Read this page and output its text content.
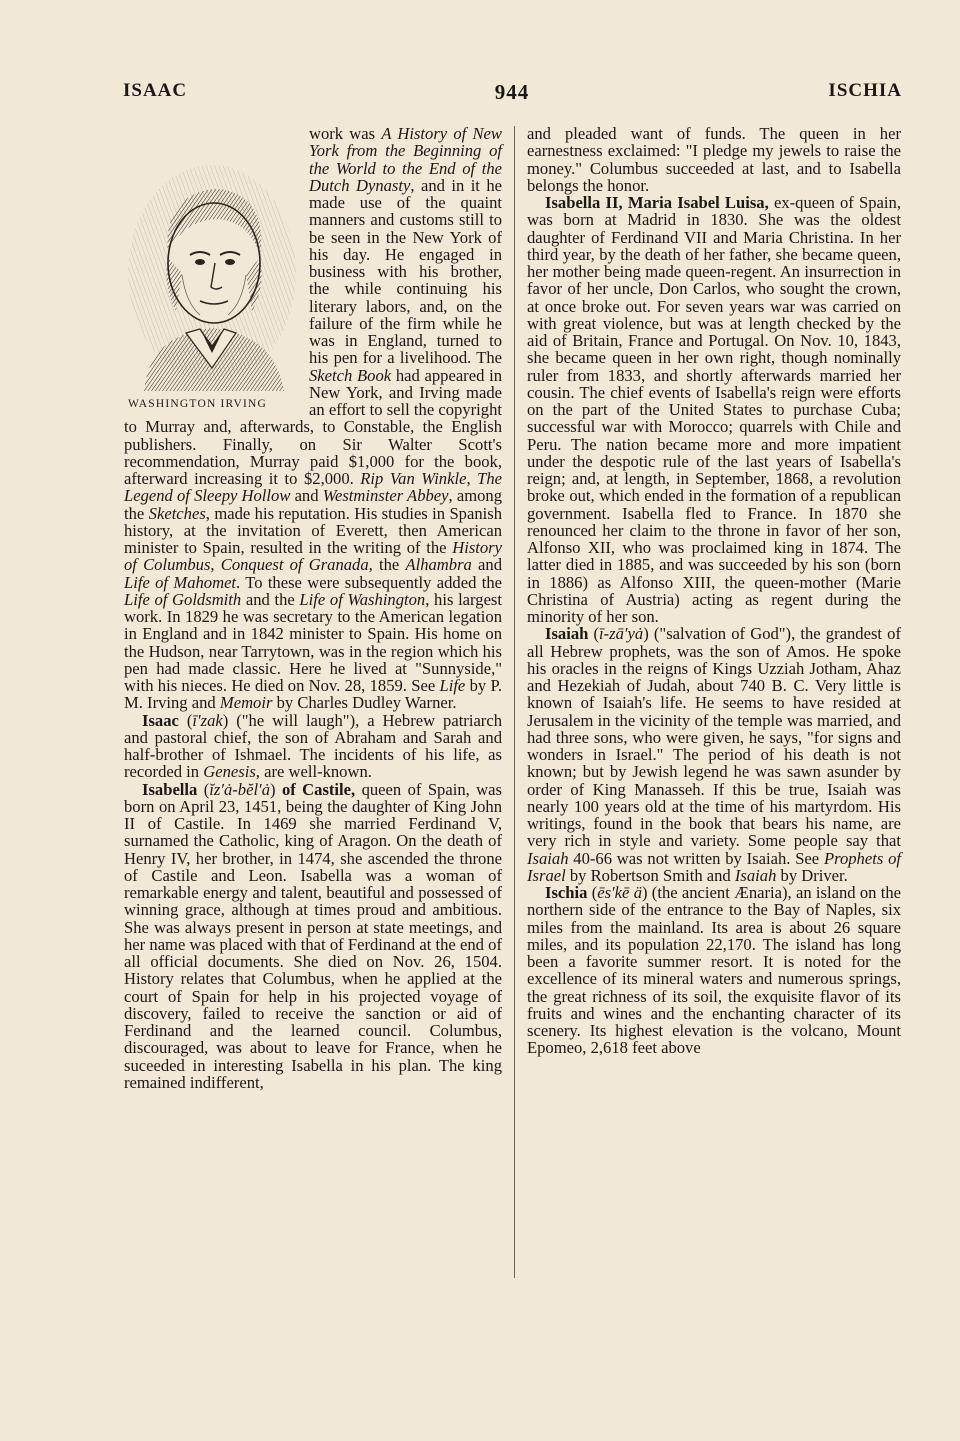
ISAAC	944	ISCHIA

WASHINGTON IRVING
work was A History of New York from the Beginning of the World to the End of the Dutch Dynasty, and in it he made use of the quaint manners and customs still to be seen in the New York of his day. He engaged in business with his brother, the while continuing his literary labors, and, on the failure of the firm while he was in England, turned to his pen for a livelihood. The Sketch Book had appeared in New York, and Irving made an effort to sell the copyright to Murray and, afterwards, to Constable, the English publishers. Finally, on Sir Walter Scott's recommendation, Murray paid $1,000 for the book, afterward increasing it to $2,000. Rip Van Winkle, The Legend of Sleepy Hollow and Westminster Abbey, among the Sketches, made his reputation. His studies in Spanish history, at the invitation of Everett, then American minister to Spain, resulted in the writing of the History of Columbus, Conquest of Granada, the Alhambra and Life of Mahomet. To these were subsequently added the Life of Goldsmith and the Life of Washington, his largest work. In 1829 he was secretary to the American legation in England and in 1842 minister to Spain. His home on the Hudson, near Tarrytown, was in the region which his pen had made classic. Here he lived at "Sunnyside," with his nieces. He died on Nov. 28, 1859. See Life by P. M. Irving and Memoir by Charles Dudley Warner.

Isaac (ī′zak) ("he will laugh"), a Hebrew patriarch and pastoral chief, the son of Abraham and Sarah and half-brother of Ishmael. The incidents of his life, as recorded in Genesis, are well-known.

Isabella (ĭz′ȧ-bĕl′ȧ) of Castile, queen of Spain, was born on April 23, 1451, being the daughter of King John II of Castile. In 1469 she married Ferdinand V, surnamed the Catholic, king of Aragon. On the death of Henry IV, her brother, in 1474, she ascended the throne of Castile and Leon. Isabella was a woman of remarkable energy and talent, beautiful and possessed of winning grace, although at times proud and ambitious. She was always present in person at state meetings, and her name was placed with that of Ferdinand at the end of all official documents. She died on Nov. 26, 1504. History relates that Columbus, when he applied at the court of Spain for help in his projected voyage of discovery, failed to receive the sanction or aid of Ferdinand and the learned council. Columbus, discouraged, was about to leave for France, when he suceeded in interesting Isabella in his plan. The king remained indifferent,

and pleaded want of funds. The queen in her earnestness exclaimed: "I pledge my jewels to raise the money." Columbus succeeded at last, and to Isabella belongs the honor.

Isabella II, Maria Isabel Luisa, ex-queen of Spain, was born at Madrid in 1830. She was the oldest daughter of Ferdinand VII and Maria Christina. In her third year, by the death of her father, she became queen, her mother being made queen-regent. An insurrection in favor of her uncle, Don Carlos, who sought the crown, at once broke out. For seven years war was carried on with great violence, but was at length checked by the aid of Britain, France and Portugal. On Nov. 10, 1843, she became queen in her own right, though nominally ruler from 1833, and shortly afterwards married her cousin. The chief events of Isabella's reign were efforts on the part of the United States to purchase Cuba; successful war with Morocco; quarrels with Chile and Peru. The nation became more and more impatient under the despotic rule of the last years of Isabella's reign; and, at length, in September, 1868, a revolution broke out, which ended in the formation of a republican government. Isabella fled to France. In 1870 she renounced her claim to the throne in favor of her son, Alfonso XII, who was proclaimed king in 1874. The latter died in 1885, and was succeeded by his son (born in 1886) as Alfonso XIII, the queen-mother (Marie Christina of Austria) acting as regent during the minority of her son.

Isaiah (ī-zā′yȧ) ("salvation of God"), the grandest of all Hebrew prophets, was the son of Amos. He spoke his oracles in the reigns of Kings Uzziah Jotham, Ahaz and Hezekiah of Judah, about 740 B. C. Very little is known of Isaiah's life. He seems to have resided at Jerusalem in the vicinity of the temple was married, and had three sons, who were given, he says, "for signs and wonders in Israel." The period of his death is not known; but by Jewish legend he was sawn asunder by order of King Manasseh. If this be true, Isaiah was nearly 100 years old at the time of his martyrdom. His writings, found in the book that bears his name, are very rich in style and variety. Some people say that Isaiah 40-66 was not written by Isaiah. See Prophets of Israel by Robertson Smith and Isaiah by Driver.

Ischia (ēs′kē ä) (the ancient Ænaria), an island on the northern side of the entrance to the Bay of Naples, six miles from the mainland. Its area is about 26 square miles, and its population 22,170. The island has long been a favorite summer resort. It is noted for the excellence of its mineral waters and numerous springs, the great richness of its soil, the exquisite flavor of its fruits and wines and the enchanting character of its scenery. Its highest elevation is the volcano, Mount Epomeo, 2,618 feet above
